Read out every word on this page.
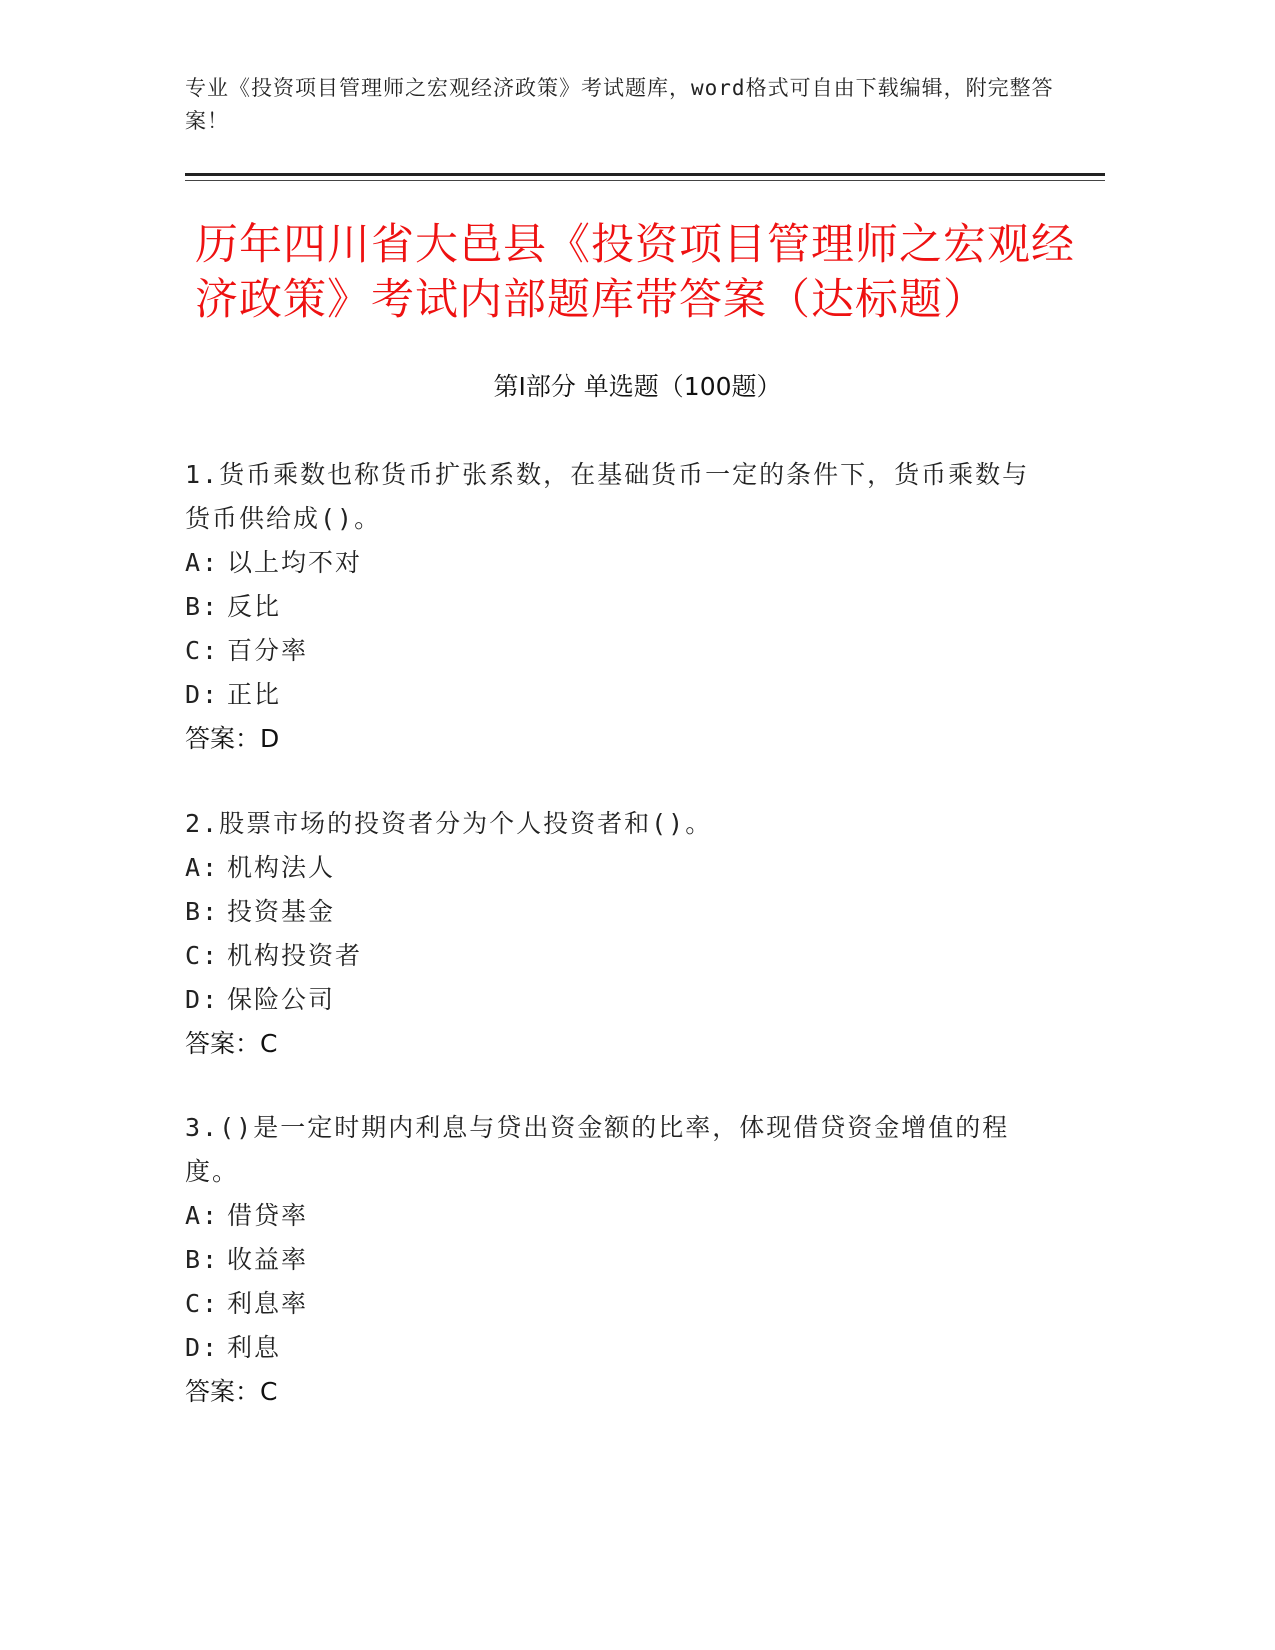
专业《投资项目管理师之宏观经济政策》考试题库，word格式可自由下载编辑，附完整答案！
历年四川省大邑县《投资项目管理师之宏观经济政策》考试内部题库带答案（达标题）
第Ⅰ部分 单选题（100题）
1.货币乘数也称货币扩张系数，在基础货币一定的条件下，货币乘数与货币供给成()。
A: 以上均不对
B: 反比
C: 百分率
D: 正比
答案：D
2.股票市场的投资者分为个人投资者和()。
A: 机构法人
B: 投资基金
C: 机构投资者
D: 保险公司
答案：C
3.()是一定时期内利息与贷出资金额的比率，体现借贷资金增值的程度。
A: 借贷率
B: 收益率
C: 利息率
D: 利息
答案：C
